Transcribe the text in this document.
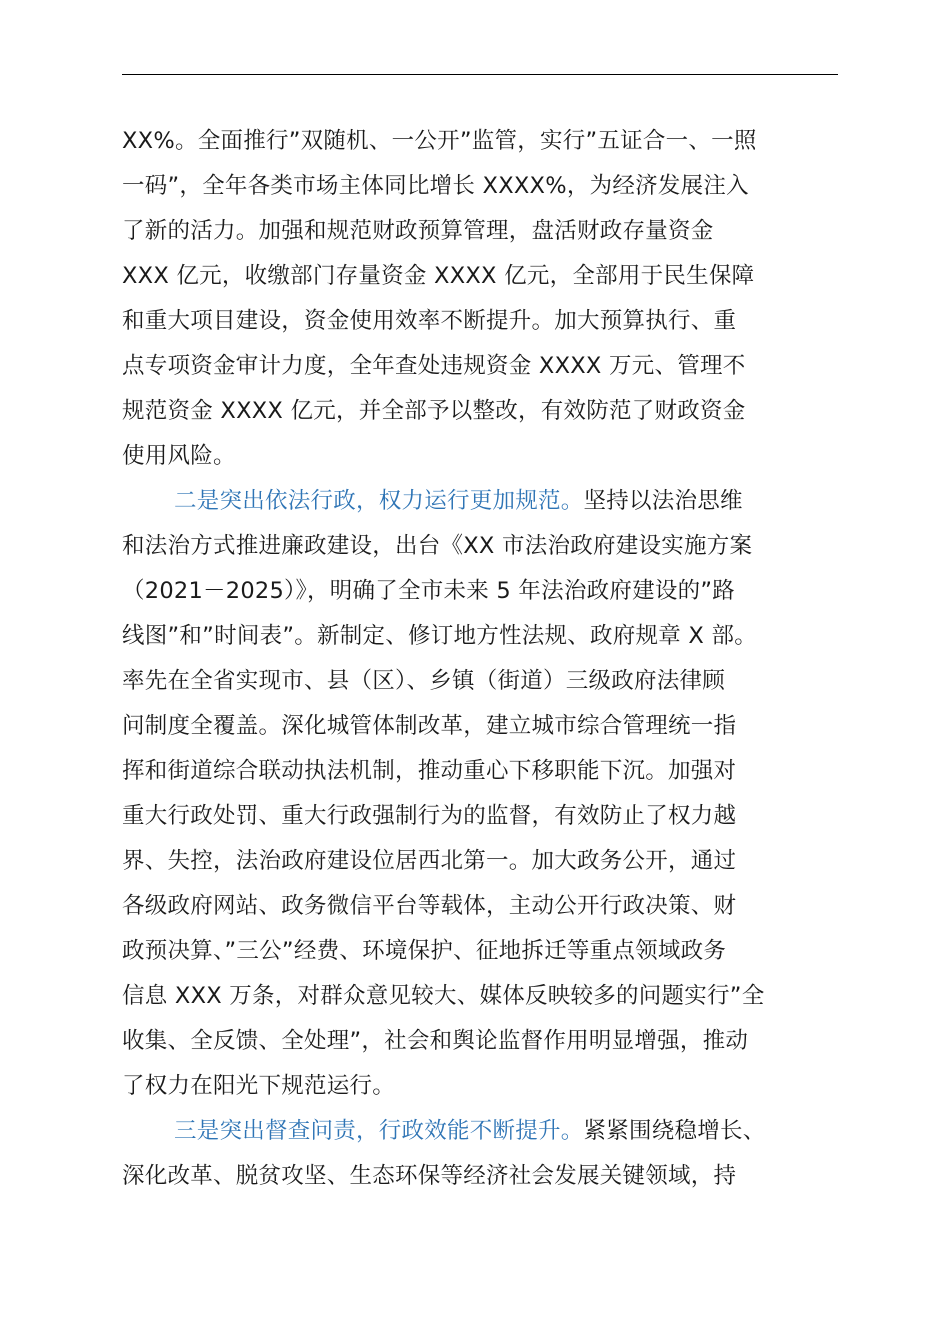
XX%。全面推行”双随机、一公开”监管，实行”五证合一、一照
一码”，全年各类市场主体同比增长 XXXX%，为经济发展注入
了新的活力。加强和规范财政预算管理，盘活财政存量资金
XXX 亿元，收缴部门存量资金 XXXX 亿元，全部用于民生保障
和重大项目建设，资金使用效率不断提升。加大预算执行、重
点专项资金审计力度，全年查处违规资金 XXXX 万元、管理不
规范资金 XXXX 亿元，并全部予以整改，有效防范了财政资金
使用风险。
二是突出依法行政，权力运行更加规范。坚持以法治思维
和法治方式推进廉政建设，出台《XX 市法治政府建设实施方案
（2021－2025）》，明确了全市未来 5 年法治政府建设的”路
线图”和”时间表”。新制定、修订地方性法规、政府规章 X 部。
率先在全省实现市、县（区）、乡镇（街道）三级政府法律顾
问制度全覆盖。深化城管体制改革，建立城市综合管理统一指
挥和街道综合联动执法机制，推动重心下移职能下沉。加强对
重大行政处罚、重大行政强制行为的监督，有效防止了权力越
界、失控，法治政府建设位居西北第一。加大政务公开，通过
各级政府网站、政务微信平台等载体，主动公开行政决策、财
政预决算、”三公”经费、环境保护、征地拆迁等重点领域政务
信息 XXX 万条，对群众意见较大、媒体反映较多的问题实行”全
收集、全反馈、全处理”，社会和舆论监督作用明显增强，推动
了权力在阳光下规范运行。
三是突出督查问责，行政效能不断提升。紧紧围绕稳增长、
深化改革、脱贫攻坚、生态环保等经济社会发展关键领域，持
